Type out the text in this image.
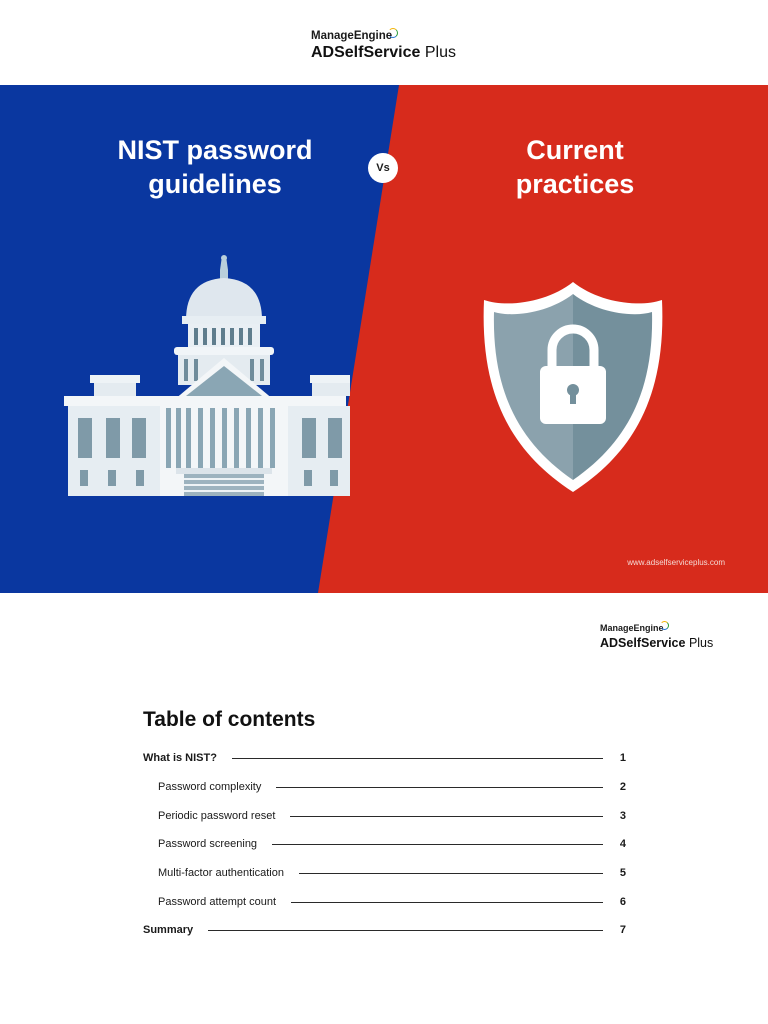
ManageEngine
ADSelfService Plus
NIST password
guidelines
Vs
Current
practices
www.adselfserviceplus.com
ManageEngine
ADSelfService Plus
Table of contents
What is NIST?	1
Password complexity	2
Periodic password reset	3
Password screening	4
Multi-factor authentication	5
Password attempt count	6
Summary	7
